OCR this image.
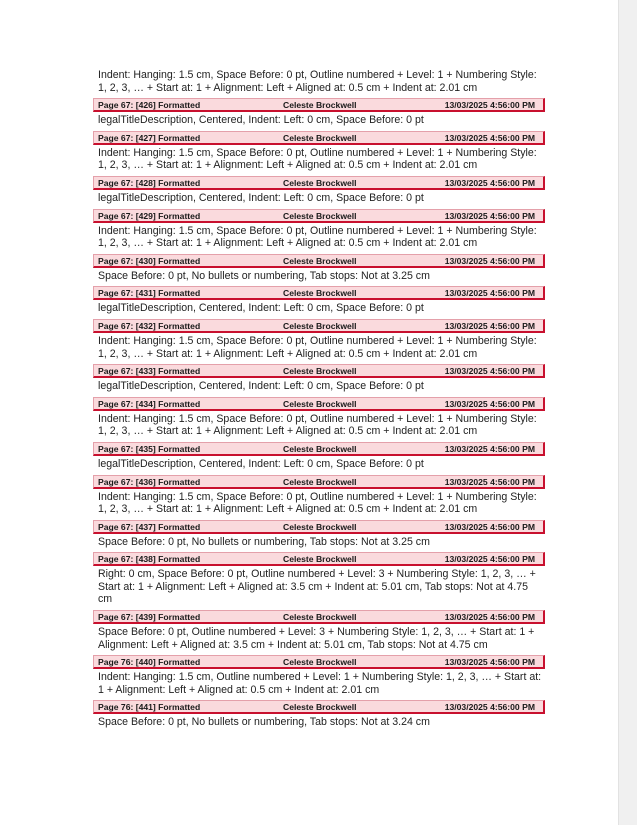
Indent: Hanging: 1.5 cm, Space Before: 0 pt, Outline numbered + Level: 1 + Numbering Style: 1, 2, 3, … + Start at: 1 + Alignment: Left + Aligned at: 0.5 cm + Indent at: 2.01 cm

Page 67: [426] Formatted	Celeste Brockwell	13/03/2025 4:56:00 PM

legalTitleDescription, Centered, Indent: Left: 0 cm, Space Before: 0 pt

Page 67: [427] Formatted	Celeste Brockwell	13/03/2025 4:56:00 PM

Indent: Hanging: 1.5 cm, Space Before: 0 pt, Outline numbered + Level: 1 + Numbering Style: 1, 2, 3, … + Start at: 1 + Alignment: Left + Aligned at: 0.5 cm + Indent at: 2.01 cm

Page 67: [428] Formatted	Celeste Brockwell	13/03/2025 4:56:00 PM

legalTitleDescription, Centered, Indent: Left: 0 cm, Space Before: 0 pt

Page 67: [429] Formatted	Celeste Brockwell	13/03/2025 4:56:00 PM

Indent: Hanging: 1.5 cm, Space Before: 0 pt, Outline numbered + Level: 1 + Numbering Style: 1, 2, 3, … + Start at: 1 + Alignment: Left + Aligned at: 0.5 cm + Indent at: 2.01 cm

Page 67: [430] Formatted	Celeste Brockwell	13/03/2025 4:56:00 PM

Space Before: 0 pt, No bullets or numbering, Tab stops: Not at 3.25 cm

Page 67: [431] Formatted	Celeste Brockwell	13/03/2025 4:56:00 PM

legalTitleDescription, Centered, Indent: Left: 0 cm, Space Before: 0 pt

Page 67: [432] Formatted	Celeste Brockwell	13/03/2025 4:56:00 PM

Indent: Hanging: 1.5 cm, Space Before: 0 pt, Outline numbered + Level: 1 + Numbering Style: 1, 2, 3, … + Start at: 1 + Alignment: Left + Aligned at: 0.5 cm + Indent at: 2.01 cm

Page 67: [433] Formatted	Celeste Brockwell	13/03/2025 4:56:00 PM

legalTitleDescription, Centered, Indent: Left: 0 cm, Space Before: 0 pt

Page 67: [434] Formatted	Celeste Brockwell	13/03/2025 4:56:00 PM

Indent: Hanging: 1.5 cm, Space Before: 0 pt, Outline numbered + Level: 1 + Numbering Style: 1, 2, 3, … + Start at: 1 + Alignment: Left + Aligned at: 0.5 cm + Indent at: 2.01 cm

Page 67: [435] Formatted	Celeste Brockwell	13/03/2025 4:56:00 PM

legalTitleDescription, Centered, Indent: Left: 0 cm, Space Before: 0 pt

Page 67: [436] Formatted	Celeste Brockwell	13/03/2025 4:56:00 PM

Indent: Hanging: 1.5 cm, Space Before: 0 pt, Outline numbered + Level: 1 + Numbering Style: 1, 2, 3, … + Start at: 1 + Alignment: Left + Aligned at: 0.5 cm + Indent at: 2.01 cm

Page 67: [437] Formatted	Celeste Brockwell	13/03/2025 4:56:00 PM

Space Before: 0 pt, No bullets or numbering, Tab stops: Not at 3.25 cm

Page 67: [438] Formatted	Celeste Brockwell	13/03/2025 4:56:00 PM

Right: 0 cm, Space Before: 0 pt, Outline numbered + Level: 3 + Numbering Style: 1, 2, 3, … + Start at: 1 + Alignment: Left + Aligned at: 3.5 cm + Indent at: 5.01 cm, Tab stops: Not at 4.75 cm

Page 67: [439] Formatted	Celeste Brockwell	13/03/2025 4:56:00 PM

Space Before: 0 pt, Outline numbered + Level: 3 + Numbering Style: 1, 2, 3, … + Start at: 1 + Alignment: Left + Aligned at: 3.5 cm + Indent at: 5.01 cm, Tab stops: Not at 4.75 cm

Page 76: [440] Formatted	Celeste Brockwell	13/03/2025 4:56:00 PM

Indent: Hanging: 1.5 cm, Outline numbered + Level: 1 + Numbering Style: 1, 2, 3, … + Start at: 1 + Alignment: Left + Aligned at: 0.5 cm + Indent at: 2.01 cm

Page 76: [441] Formatted	Celeste Brockwell	13/03/2025 4:56:00 PM

Space Before: 0 pt, No bullets or numbering, Tab stops: Not at 3.24 cm
